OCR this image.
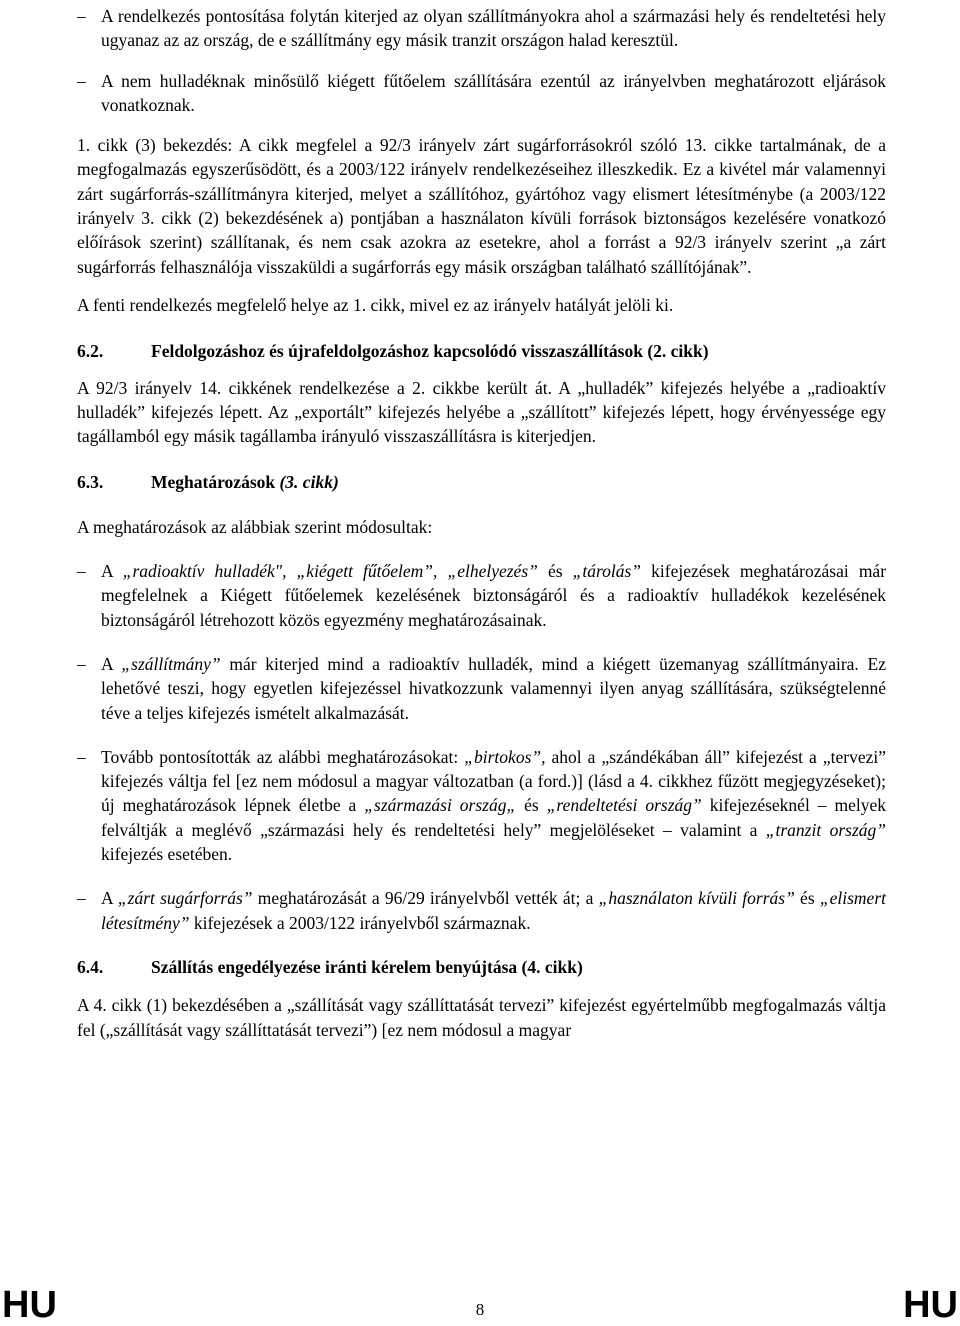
– A rendelkezés pontosítása folytán kiterjed az olyan szállítmányokra ahol a származási hely és rendeltetési hely ugyanaz az az ország, de e szállítmány egy másik tranzit országon halad keresztül.

– A nem hulladéknak minősülő kiégett fűtőelem szállítására ezentúl az irányelvben meghatározott eljárások vonatkoznak.

1. cikk (3) bekezdés: A cikk megfelel a 92/3 irányelv zárt sugárforrásokról szóló 13. cikke tartalmának, de a megfogalmazás egyszerűsödött, és a 2003/122 irányelv rendelkezéseihez illeszkedik. Ez a kivétel már valamennyi zárt sugárforrás-szállítmányra kiterjed, melyet a szállítóhoz, gyártóhoz vagy elismert létesítménybe (a 2003/122 irányelv 3. cikk (2) bekezdésének a) pontjában a használaton kívüli források biztonságos kezelésére vonatkozó előírások szerint) szállítanak, és nem csak azokra az esetekre, ahol a forrást a 92/3 irányelv szerint „a zárt sugárforrás felhasználója visszaküldi a sugárforrás egy másik országban található szállítójának”.

A fenti rendelkezés megfelelő helye az 1. cikk, mivel ez az irányelv hatályát jelöli ki.

6.2.	Feldolgozáshoz és újrafeldolgozáshoz kapcsolódó visszaszállítások (2. cikk)

A 92/3 irányelv 14. cikkének rendelkezése a 2. cikkbe került át. A „hulladék” kifejezés helyébe a „radioaktív hulladék” kifejezés lépett. Az „exportált” kifejezés helyébe a „szállított” kifejezés lépett, hogy érvényessége egy tagállamból egy másik tagállamba irányuló visszaszállításra is kiterjedjen.

6.3.	Meghatározások (3. cikk)

A meghatározások az alábbiak szerint módosultak:

– A „radioaktív hulladék", „kiégett fűtőelem”, „elhelyezés” és „tárolás” kifejezések meghatározásai már megfelelnek a Kiégett fűtőelemek kezelésének biztonságáról és a radioaktív hulladékok kezelésének biztonságáról létrehozott közös egyezmény meghatározásainak.

– A „szállítmány” már kiterjed mind a radioaktív hulladék, mind a kiégett üzemanyag szállítmányaira. Ez lehetővé teszi, hogy egyetlen kifejezéssel hivatkozzunk valamennyi ilyen anyag szállítására, szükségtelenné téve a teljes kifejezés ismételt alkalmazását.

– Tovább pontosították az alábbi meghatározásokat: „birtokos”, ahol a „szándékában áll” kifejezést a „tervezi” kifejezés váltja fel [ez nem módosul a magyar változatban (a ford.)] (lásd a 4. cikkhez fűzött megjegyzéseket); új meghatározások lépnek életbe a „származási ország„ és „rendeltetési ország” kifejezéseknél – melyek felváltják a meglévő „származási hely és rendeltetési hely” megjelöléseket – valamint a „tranzit ország” kifejezés esetében.

– A „zárt sugárforrás” meghatározását a 96/29 irányelvből vették át; a „használaton kívüli forrás” és „elismert létesítmény” kifejezések a 2003/122 irányelvből származnak.

6.4.	Szállítás engedélyezése iránti kérelem benyújtása (4. cikk)

A 4. cikk (1) bekezdésében a „szállítását vagy szállíttatását tervezi” kifejezést egyértelműbb megfogalmazás váltja fel („szállítását vagy szállíttatását tervezi”) [ez nem módosul a magyar

HU	8	HU
